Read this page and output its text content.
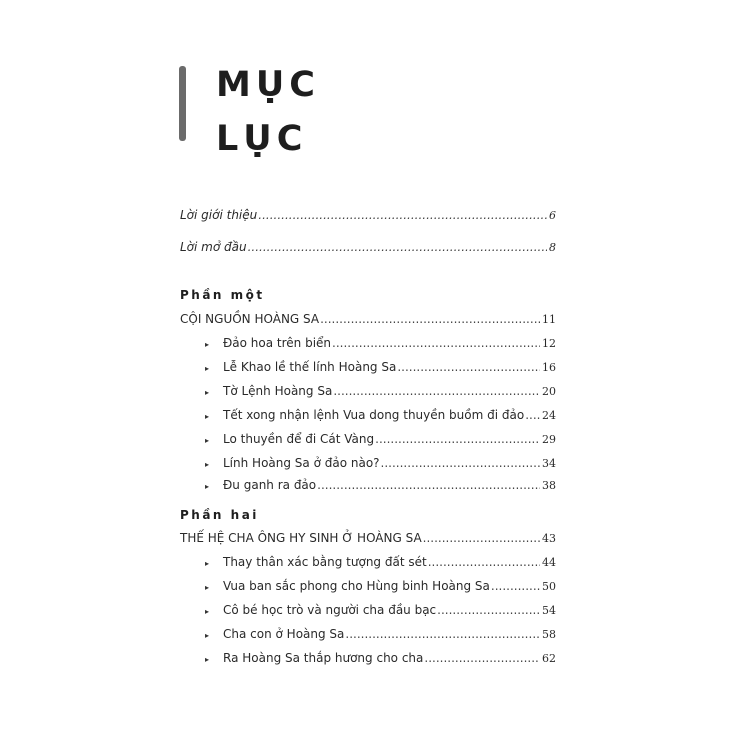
MỤC
LỤC
Lời giới thiệu .....	6
Lời mở đầu .....	8
Phần một
CỘI NGUỒN HOÀNG SA .....	11
▸	Đảo hoa trên biển .....	12
▸	Lễ Khao lề thế lính Hoàng Sa .....	16
▸	Tờ Lệnh Hoàng Sa .....	20
▸	Tết xong nhận lệnh Vua dong thuyền buồm đi đảo ..... 24
▸	Lo thuyền để đi Cát Vàng .....	29
▸	Lính Hoàng Sa ở đảo nào? .....	34
▸	Đu ganh ra đảo .....	38
Phần hai
THẾ HỆ CHA ÔNG HY SINH Ở HOÀNG SA .....	43
▸	Thay thân xác bằng tượng đất sét .....	44
▸	Vua ban sắc phong cho Hùng binh Hoàng Sa .....	50
▸	Cô bé học trò và người cha đầu bạc .....	54
▸	Cha con ở Hoàng Sa .....	58
▸	Ra Hoàng Sa thắp hương cho cha .....	62
